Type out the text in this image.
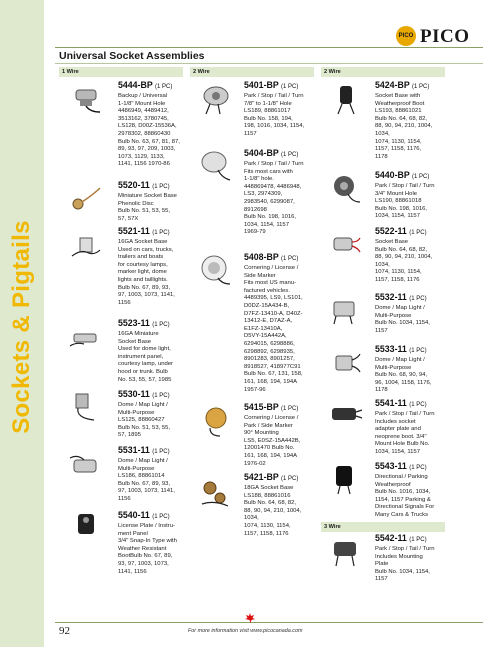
Sockets & Pigtails
PICO PICO
Universal Socket Assemblies
1 Wire	2 Wire	2 Wire
3 Wire
5444-BP (1 PC)
Backup / Universal
1-1/8" Mount Hole
4486949, 4489412,
3513162, 3780745,
LS128, D00Z-15536A,
2978302, 88860430
Bulb No. 63, 67, 81, 87,
89, 93, 97, 209, 1003,
1073, 1129, 1133,
1141, 1156 1970-86
5520-11 (1 PC)
Miniature Socket Base
Phenolic Disc
Bulb No. 51, 53, 55,
57, 57X
5521-11 (1 PC)
16GA Socket Base
Used on cars, trucks,
trailers and boats
for courtesy lamps,
marker light, dome
lights and taillights.
Bulb No. 67, 89, 93,
97, 1003, 1073, 1141,
1156
5523-11 (1 PC)
16GA Miniature
Socket Base
Used for dome light,
instrument panel,
courtesy lamp, under
hood or trunk. Bulb
No. 53, 55, 57, 1985
5530-11 (1 PC)
Dome / Map Light /
Multi-Purpose
LS125, 88860427
Bulb No. 51, 53, 55,
57, 1895
5531-11 (1 PC)
Dome / Map Light /
Multi-Purpose
LS186, 88861014
Bulb No. 67, 89, 93,
97, 1003, 1073, 1141,
1156
5540-11 (1 PC)
License Plate / Instru-
ment Panel
3/4" Snap-In Type with
Weather Resistant
BootBulb No. 67, 89,
93, 97, 1003, 1073,
1141, 1156
5401-BP (1 PC)
Park / Stop / Tail / Turn
7/8" to 1-1/8" Hole
LS189, 88861017
Bulb No. 158, 194,
198, 1016, 1034, 1154,
1157
5404-BP (1 PC)
Park / Stop / Tail / Turn
Fits most cars with
1-1/8" hole.
448869478, 4486948,
LS3, 2974309,
2983540, 6299087,
8912698
Bulb No. 198, 1016,
1034, 1154, 1157
1969-79
5408-BP (1 PC)
Cornering / License /
Side Marker
Fits most US manu-
factured vehicles.
4489395, LS9, LS101,
D0DZ-15A434-B,
D7FZ-13410-A, D40Z-
13412-E, D7AZ-A,
E1FZ-13410A,
D5VY-15A442A,
6294015, 6298886,
6298892, 6298935,
8901283, 8901257,
8918527, 418977C91
Bulb No. 67, 131, 158,
161, 168, 194, 194A
1957-96
5415-BP (1 PC)
Cornering / License /
Park / Side Marker
90° Mounting
LS5, E0SZ-15A442B,
12001470 Bulb No.
161, 168, 194, 194A
1976-02
5421-BP (1 PC)
18GA Socket Base
LS188, 88861016
Bulb No. 64, 68, 82,
88, 90, 94, 210, 1004,
1034,
1074, 1130, 1154,
1157, 1158, 1176
5424-BP (1 PC)
Socket Base with
Weatherproof Boot
LS193, 88861021
Bulb No. 64, 68, 82,
88, 90, 94, 210, 1004,
1034,
1074, 1130, 1154,
1157, 1158, 1176,
1178
5440-BP (1 PC)
Park / Stop / Tail / Turn
3/4" Mount Hole
LS190, 88861018
Bulb No. 198, 1016,
1034, 1154, 1157
5522-11 (1 PC)
Socket Base
Bulb No. 64, 68, 82,
88, 90, 94, 210, 1004,
1034,
1074, 1130, 1154,
1157, 1158, 1176
5532-11 (1 PC)
Dome / Map Light /
Multi-Purpose
Bulb No. 1034, 1154,
1157
5533-11 (1 PC)
Dome / Map Light /
Multi-Purpose
Bulb No. 68, 90, 94,
96, 1004, 1158, 1176,
1178
5541-11 (1 PC)
Park / Stop / Tail / Turn
Includes socket
adapter plate and
neoprene boot. 3/4"
Mount Hole Bulb No.
1034, 1154, 1157
5543-11 (1 PC)
Directional / Parking
Weatherproof
Bulb No. 1016, 1034,
1154, 1157 Parking &
Directional Signals For
Many Cars & Trucks
5542-11 (1 PC)
Park / Stop / Tail / Turn
Includes Mounting
Plate
Bulb No. 1034, 1154,
1157
92	For more information visit www.picocanada.com
